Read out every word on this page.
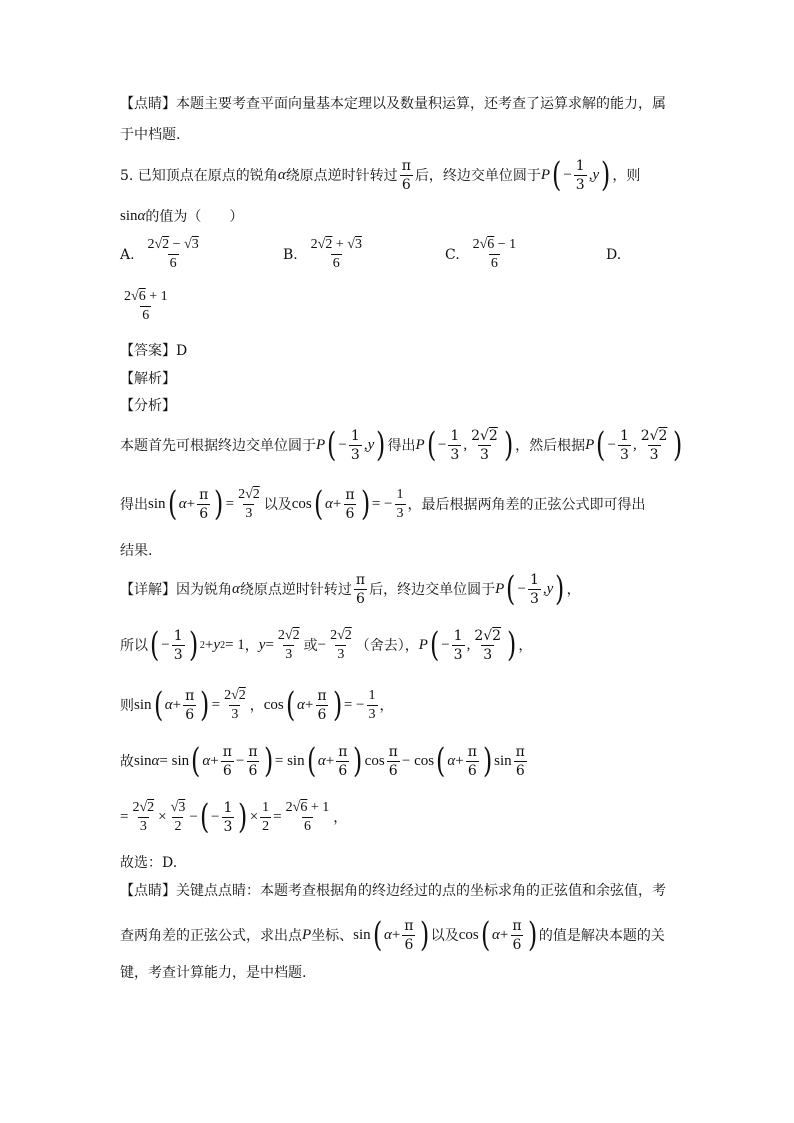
【点睛】本题主要考查平面向量基本定理以及数量积运算，还考查了运算求解的能力，属
于中档题.
5. 已知顶点在原点的锐角 α 绕原点逆时针转过 $\frac{\pi}{6}$ 后，终边交单位圆于 P ( − $\frac{1}{3}$ , y ) ，则
sin α 的值为（　　）
A.
$\frac{2√2 - √3}{6}$	B.
$\frac{2√2 + √3}{6}$	C.
$\frac{2√6 - 1}{6}$	D.
$\frac{2√6 + 1}{6}$
【答案】D
【解析】
【分析】
本题首先可根据终边交单位圆于 P ( − $\frac{1}{3}$ , y ) 得出 P ( − $\frac{1}{3}$ , $\frac{2√2}{3}$ ) ，然后根据 P ( − $\frac{1}{3}$ , $\frac{2√2}{3}$ )
得出 sin ( $\alpha + \frac{\pi}{6}$ ) = $\frac{2√2}{3}$ 以及 cos ( $\alpha + \frac{\pi}{6}$ ) = − $\frac{1}{3}$ ，最后根据两角差的正弦公式即可得出
结果.
【详解】因为锐角 α 绕原点逆时针转过 $\frac{\pi}{6}$ 后，终边交单位圆于 P ( − $\frac{1}{3}$ , y ) ，
所以 ( − $\frac{1}{3}$ ) 2 + y 2 = 1 ， $y = \frac{2√2}{3}$ 或 − $\frac{2√2}{3}$ （舍去）， P ( − $\frac{1}{3}$ , $\frac{2√2}{3}$ ) ，
则 sin ( $\alpha + \frac{\pi}{6}$ ) = $\frac{2√2}{3}$ ， cos ( $\alpha + \frac{\pi}{6}$ ) = − $\frac{1}{3}$ ，
故 sin α = sin ( $\alpha + \frac{\pi}{6} - \frac{\pi}{6}$ ) = sin ( $\alpha + \frac{\pi}{6}$ ) $\cos \frac{\pi}{6} - \cos$ ( $\alpha + \frac{\pi}{6}$ ) $\sin \frac{\pi}{6}$
= $\frac{2√2}{3} \times \frac{√3}{2}$ − ( − $\frac{1}{3}$ ) × $\frac{1}{2} = \frac{2√6 + 1}{6}$ ，
故选：D.
【点睛】关键点点睛：本题考查根据角的终边经过的点的坐标求角的正弦值和余弦值，考
查两角差的正弦公式，求出点 P 坐标、 sin ( $\alpha + \frac{\pi}{6}$ ) 以及 cos ( $\alpha + \frac{\pi}{6}$ ) 的值是解决本题的关
键，考查计算能力，是中档题.
